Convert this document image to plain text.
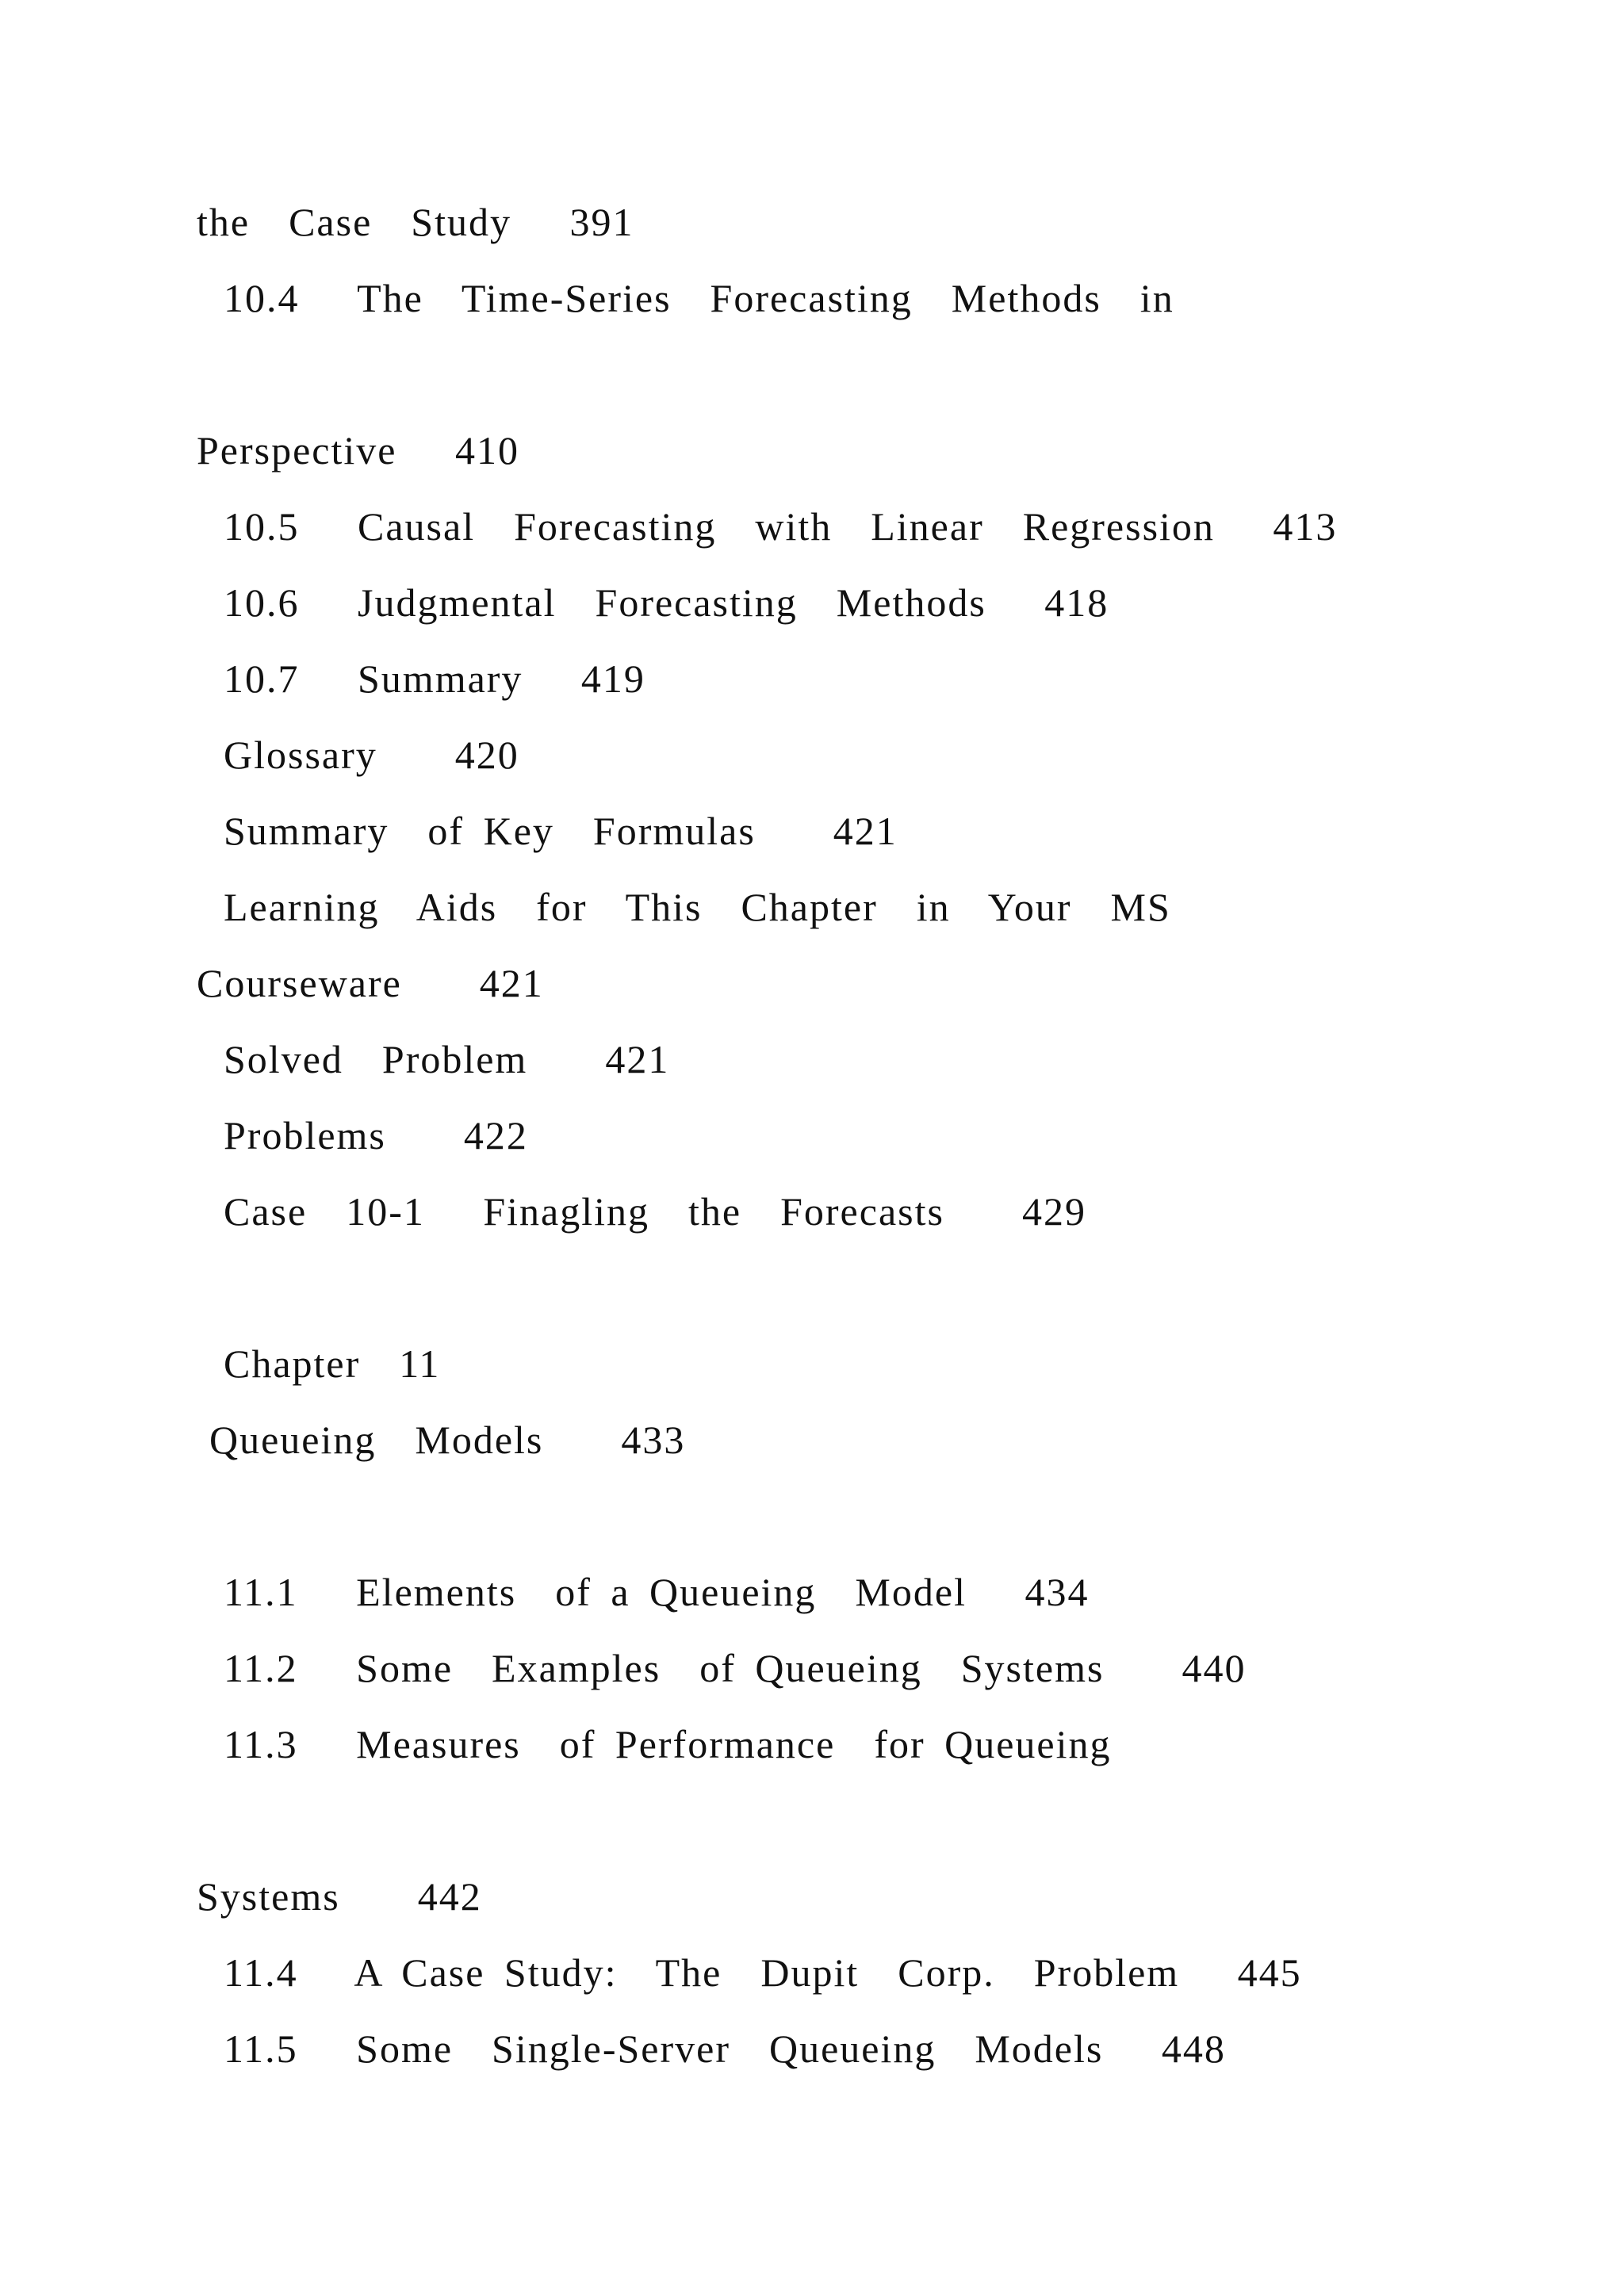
the  Case  Study   391
10.4   The  Time-Series  Forecasting  Methods  in
Perspective   410
10.5   Causal  Forecasting  with  Linear  Regression   413
10.6   Judgmental  Forecasting  Methods   418
10.7   Summary   419
Glossary    420
Summary  of Key  Formulas    421
Learning  Aids  for  This  Chapter  in  Your  MS
Courseware    421
Solved  Problem    421
Problems    422
Case  10-1   Finagling  the  Forecasts    429
Chapter  11
Queueing  Models    433
11.1   Elements  of a Queueing  Model   434
11.2   Some  Examples  of Queueing  Systems    440
11.3   Measures  of Performance  for Queueing
Systems    442
11.4   A Case Study:  The  Dupit  Corp.  Problem   445
11.5   Some  Single-Server  Queueing  Models   448
